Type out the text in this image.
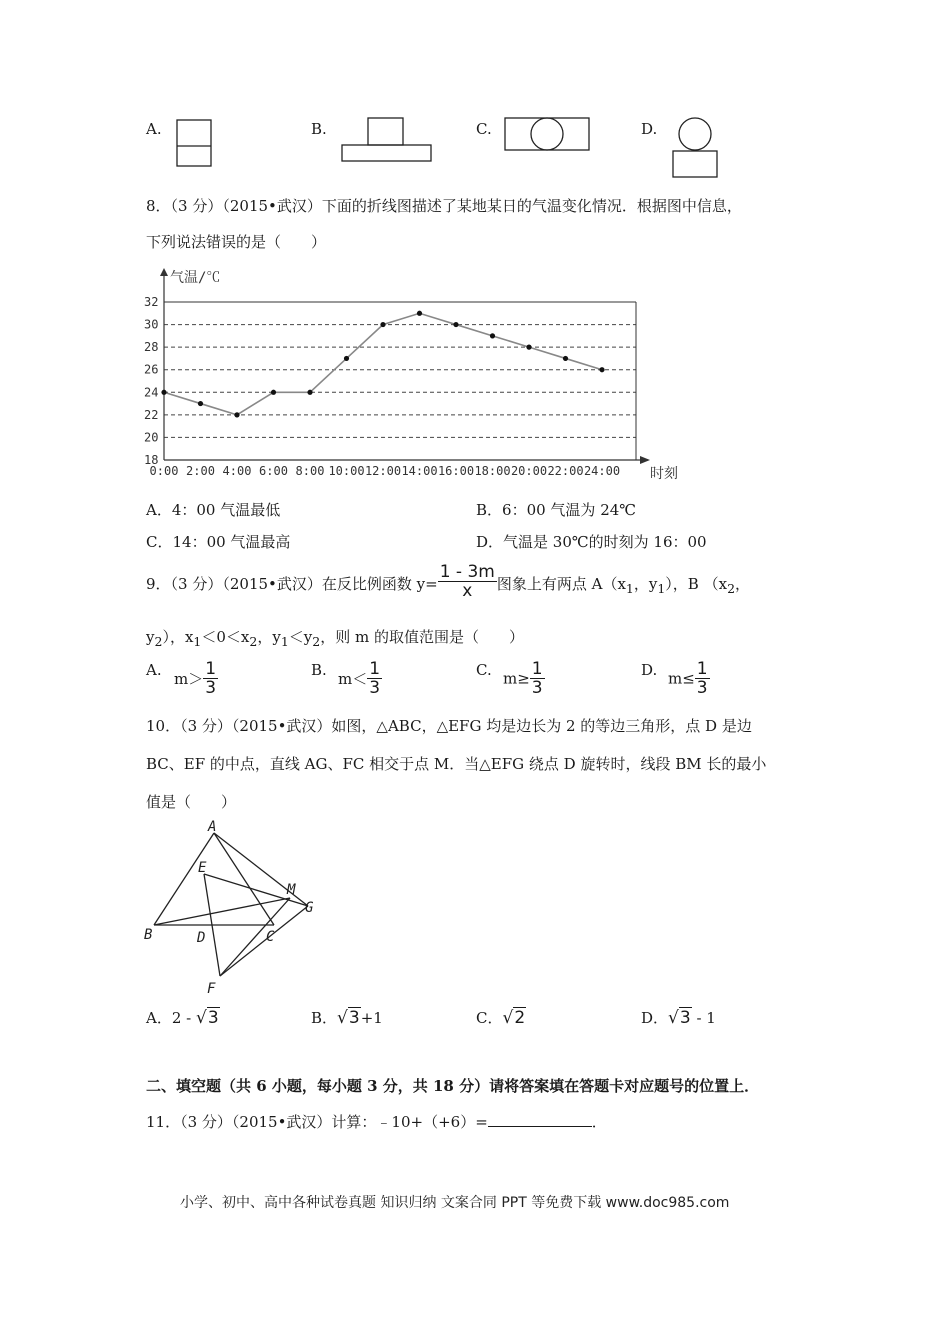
A.	B.	C.	D.
8．（3 分）（2015•武汉）下面的折线图描述了某地某日的气温变化情况．根据图中信息，
下列说法错误的是（　　）
18
20
22
24
26
28
30
32
0:00 2:00 4:00 6:00 8:00 10:00 12:00 14:00 16:00 18:00 20:00 22:00 24:00
气温/℃
时刻
A．4：00 气温最低	B．6：00 气温为 24℃
C．14：00 气温最高	D．气温是 30℃的时刻为 16：00
9．（3 分）（2015•武汉）在反比例函数 $y= \frac{1 - 3m}{x}$ 图象上有两点 $A(x_1$，$y_1$），B （$x_2$，
$y_2$），$x_1<0<x_2$，$y_1<y_2$，则 m 的取值范围是（　　）
A. $m> \frac{1}{3}$	B. $m< \frac{1}{3}$	C. $m\ge \frac{1}{3}$	D. $m\le \frac{1}{3}$
10．（3 分）（2015•武汉）如图，△ABC，△EFG 均是边长为 2 的等边三角形，点 D 是边
BC、EF 的中点，直线 AG、FC 相交于点 M．当△EFG 绕点 D 旋转时，线段 BM 长的最小
值是（　　）
A
B	C
D
E
F
G
M
A．2 - √3	B．√3+1	C．√2	D．√3 - 1
二、填空题（共 6 小题，每小题 3 分，共 18 分）请将答案填在答题卡对应题号的位置上．
11．（3 分）（2015•武汉）计算：﹣10+（+6）=	．
小学、初中、高中各种试卷真题 知识归纳 文案合同 PPT 等免费下载 www.doc985.com
